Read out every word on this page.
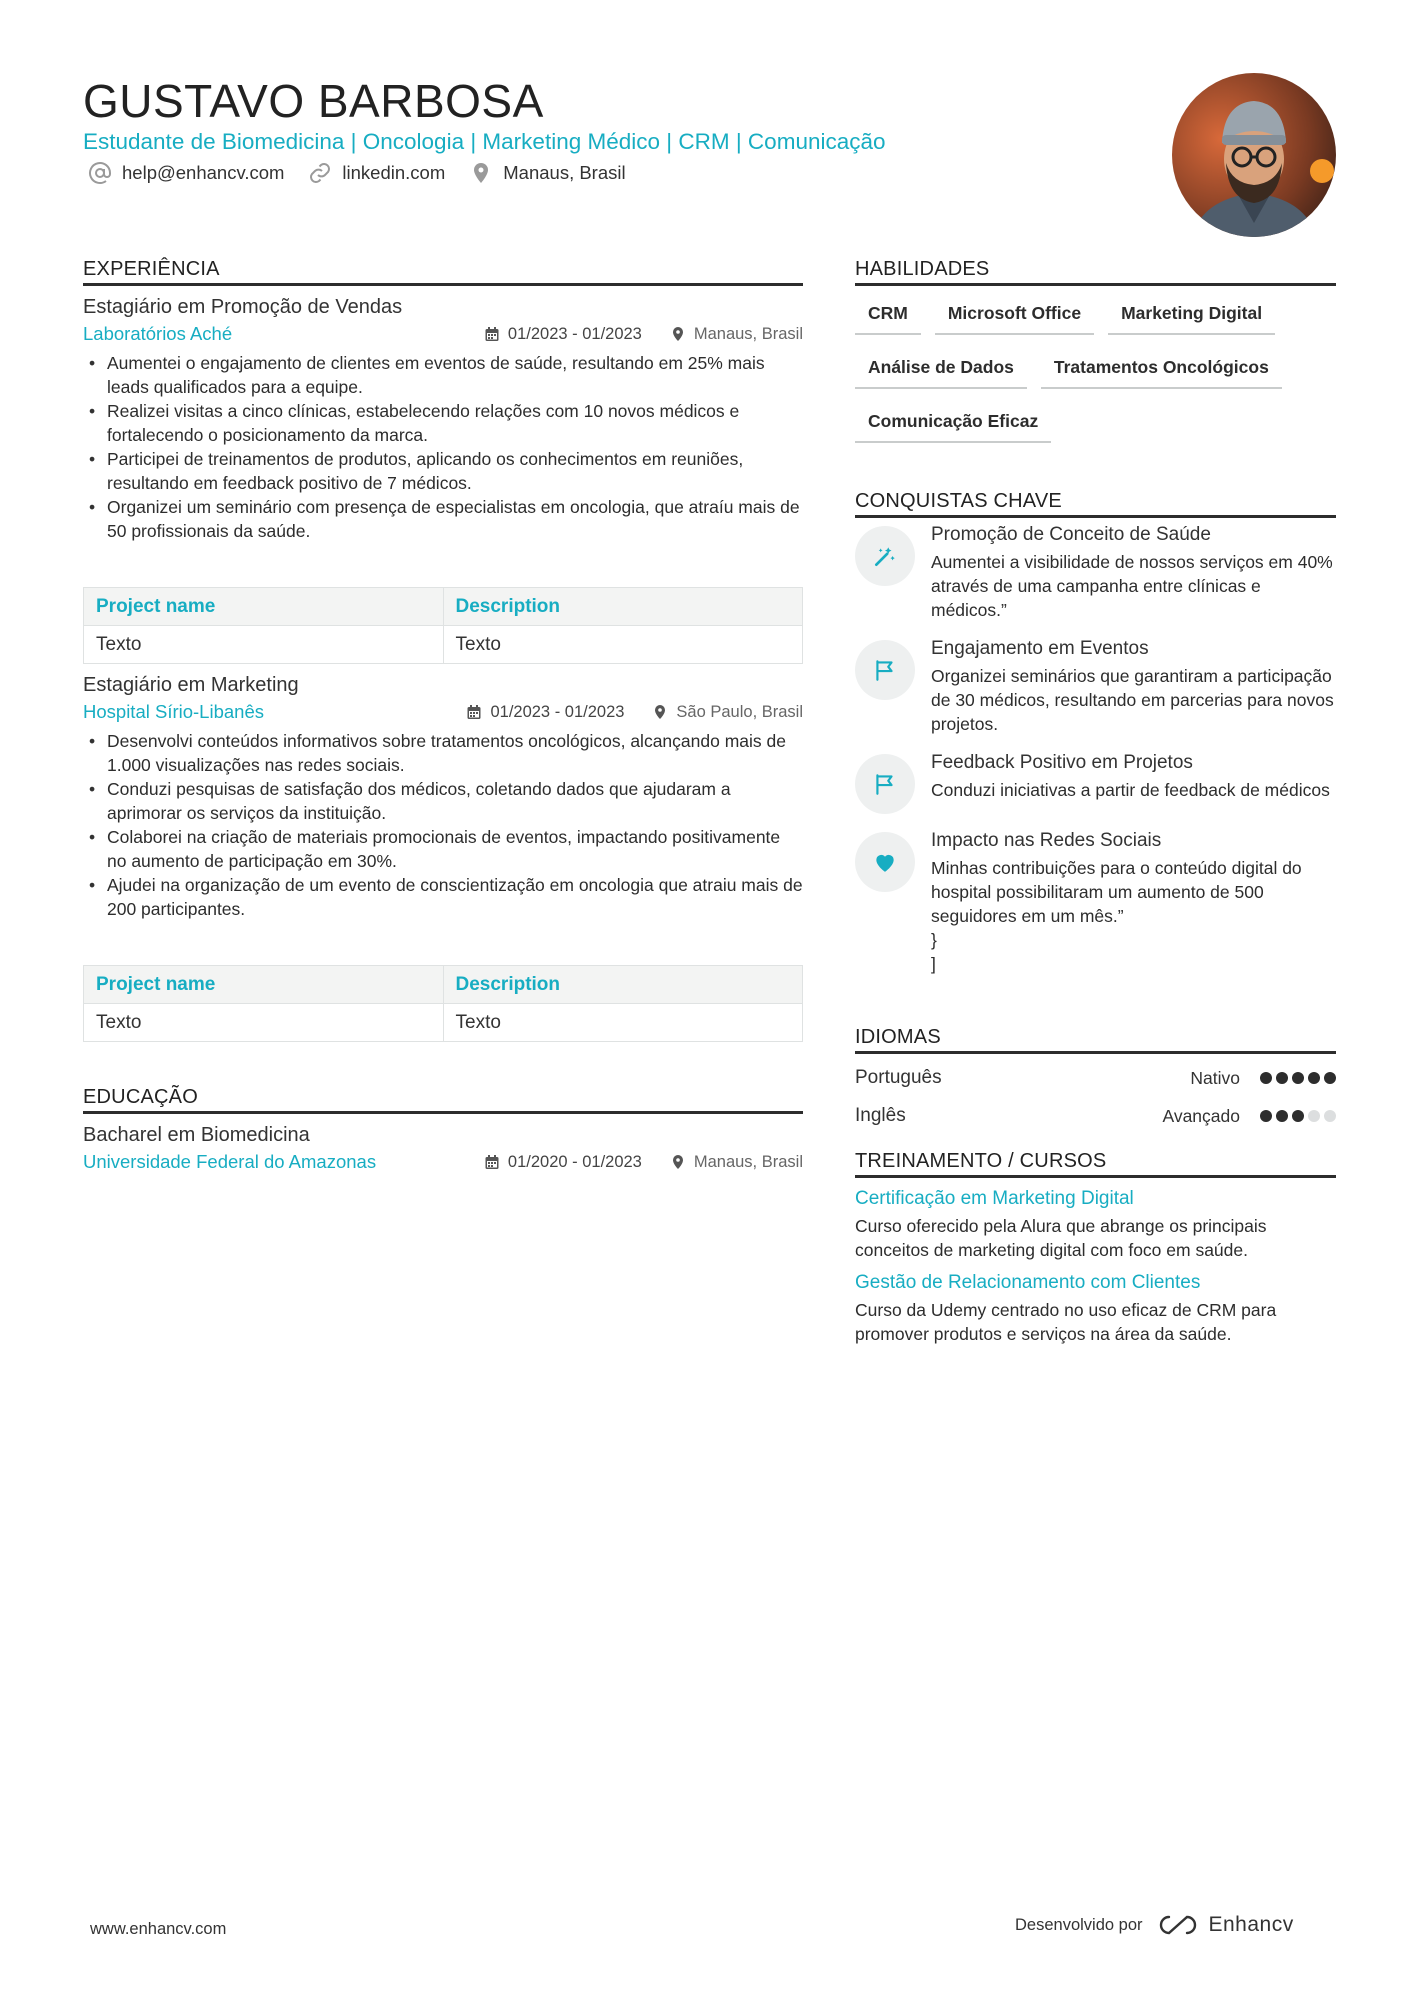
GUSTAVO BARBOSA
Estudante de Biomedicina | Oncologia | Marketing Médico | CRM | Comunicação
help@enhancv.com	linkedin.com	Manaus, Brasil
EXPERIÊNCIA
Estagiário em Promoção de Vendas
Laboratórios Aché	01/2023 - 01/2023	Manaus, Brasil
• Aumentei o engajamento de clientes em eventos de saúde, resultando em 25% mais leads qualificados para a equipe.
• Realizei visitas a cinco clínicas, estabelecendo relações com 10 novos médicos e fortalecendo o posicionamento da marca.
• Participei de treinamentos de produtos, aplicando os conhecimentos em reuniões, resultando em feedback positivo de 7 médicos.
• Organizei um seminário com presença de especialistas em oncologia, que atraíu mais de 50 profissionais da saúde.
Project name	Description
Texto	Texto
Estagiário em Marketing
Hospital Sírio-Libanês	01/2023 - 01/2023	São Paulo, Brasil
• Desenvolvi conteúdos informativos sobre tratamentos oncológicos, alcançando mais de 1.000 visualizações nas redes sociais.
• Conduzi pesquisas de satisfação dos médicos, coletando dados que ajudaram a aprimorar os serviços da instituição.
• Colaborei na criação de materiais promocionais de eventos, impactando positivamente no aumento de participação em 30%.
• Ajudei na organização de um evento de conscientização em oncologia que atraiu mais de 200 participantes.
Project name	Description
Texto	Texto
EDUCAÇÃO
Bacharel em Biomedicina
Universidade Federal do Amazonas	01/2020 - 01/2023	Manaus, Brasil
HABILIDADES
CRM	Microsoft Office	Marketing Digital
Análise de Dados	Tratamentos Oncológicos
Comunicação Eficaz
CONQUISTAS CHAVE
Promoção de Conceito de Saúde
Aumentei a visibilidade de nossos serviços em 40% através de uma campanha entre clínicas e médicos.”
Engajamento em Eventos
Organizei seminários que garantiram a participação de 30 médicos, resultando em parcerias para novos projetos.
Feedback Positivo em Projetos
Conduzi iniciativas a partir de feedback de médicos
Impacto nas Redes Sociais
Minhas contribuições para o conteúdo digital do hospital possibilitaram um aumento de 500 seguidores em um mês.”
}
]
IDIOMAS
Português	Nativo
Inglês	Avançado
TREINAMENTO / CURSOS
Certificação em Marketing Digital
Curso oferecido pela Alura que abrange os principais conceitos de marketing digital com foco em saúde.
Gestão de Relacionamento com Clientes
Curso da Udemy centrado no uso eficaz de CRM para promover produtos e serviços na área da saúde.
www.enhancv.com	Desenvolvido por	Enhancv
